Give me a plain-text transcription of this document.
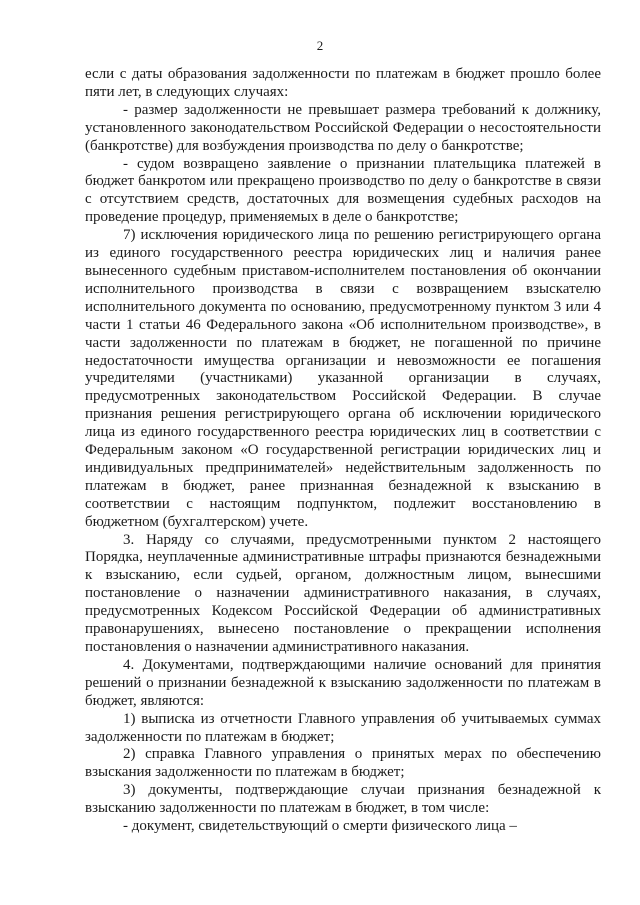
2

если с даты образования задолженности по платежам в бюджет прошло более пяти лет, в следующих случаях:

- размер задолженности не превышает размера требований к должнику, установленного законодательством Российской Федерации о несостоятельности (банкротстве) для возбуждения производства по делу о банкротстве;

- судом возвращено заявление о признании плательщика платежей в бюджет банкротом или прекращено производство по делу о банкротстве в связи с отсутствием средств, достаточных для возмещения судебных расходов на проведение процедур, применяемых в деле о банкротстве;

7) исключения юридического лица по решению регистрирующего органа из единого государственного реестра юридических лиц и наличия ранее вынесенного судебным приставом-исполнителем постановления об окончании исполнительного производства в связи с возвращением взыскателю исполнительного документа по основанию, предусмотренному пунктом 3 или 4 части 1 статьи 46 Федерального закона «Об исполнительном производстве», в части задолженности по платежам в бюджет, не погашенной по причине недостаточности имущества организации и невозможности ее погашения учредителями (участниками) указанной организации в случаях, предусмотренных законодательством Российской Федерации. В случае признания решения регистрирующего органа об исключении юридического лица из единого государственного реестра юридических лиц в соответствии с Федеральным законом «О государственной регистрации юридических лиц и индивидуальных предпринимателей» недействительным задолженность по платежам в бюджет, ранее признанная безнадежной к взысканию в соответствии с настоящим подпунктом, подлежит восстановлению в бюджетном (бухгалтерском) учете.

3. Наряду со случаями, предусмотренными пунктом 2 настоящего Порядка, неуплаченные административные штрафы признаются безнадежными к взысканию, если судьей, органом, должностным лицом, вынесшими постановление о назначении административного наказания, в случаях, предусмотренных Кодексом Российской Федерации об административных правонарушениях, вынесено постановление о прекращении исполнения постановления о назначении административного наказания.

4. Документами, подтверждающими наличие оснований для принятия решений о признании безнадежной к взысканию задолженности по платежам в бюджет, являются:

1) выписка из отчетности Главного управления об учитываемых суммах задолженности по платежам в бюджет;

2) справка Главного управления о принятых мерах по обеспечению взыскания задолженности по платежам в бюджет;

3) документы, подтверждающие случаи признания безнадежной к взысканию задолженности по платежам в бюджет, в том числе:

- документ, свидетельствующий о смерти физического лица –
